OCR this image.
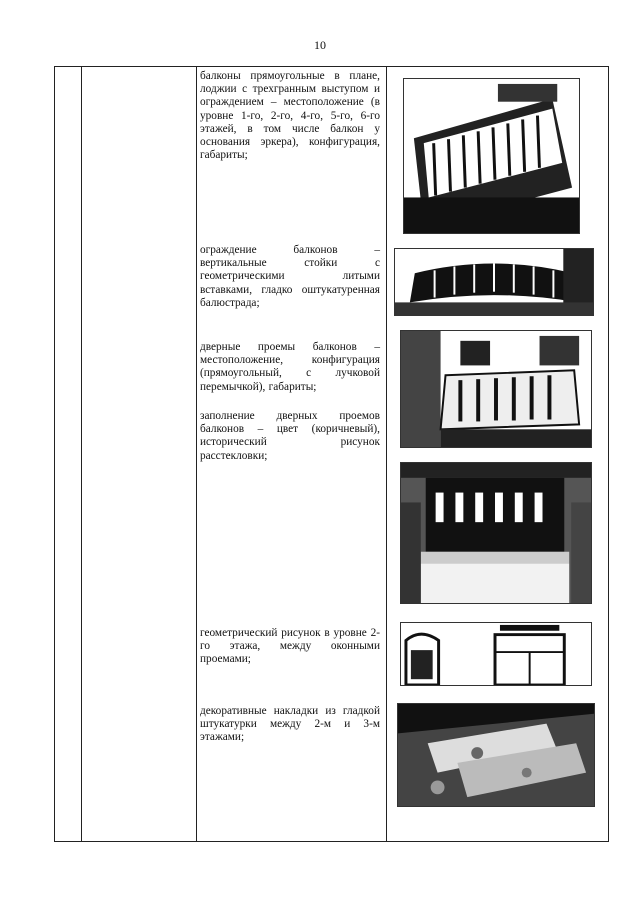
10
балконы прямоугольные в плане, лоджии с трехгранным выступом и ограждением – местоположение (в уровне 1-го, 2-го, 4-го, 5-го, 6-го этажей, в том числе балкон у основания эркера), конфигурация, габариты;
ограждение балконов – вертикальные стойки с геометрическими литыми вставками, гладко оштукатуренная балюстрада;
дверные проемы балконов – местоположение, конфигурация (прямоугольный, с лучковой перемычкой), габариты;
заполнение дверных проемов балконов – цвет (коричневый), исторический рисунок расстекловки;
геометрический рисунок в уровне 2-го этажа, между оконными проемами;
декоративные накладки из гладкой штукатурки между 2-м и 3-м этажами;
